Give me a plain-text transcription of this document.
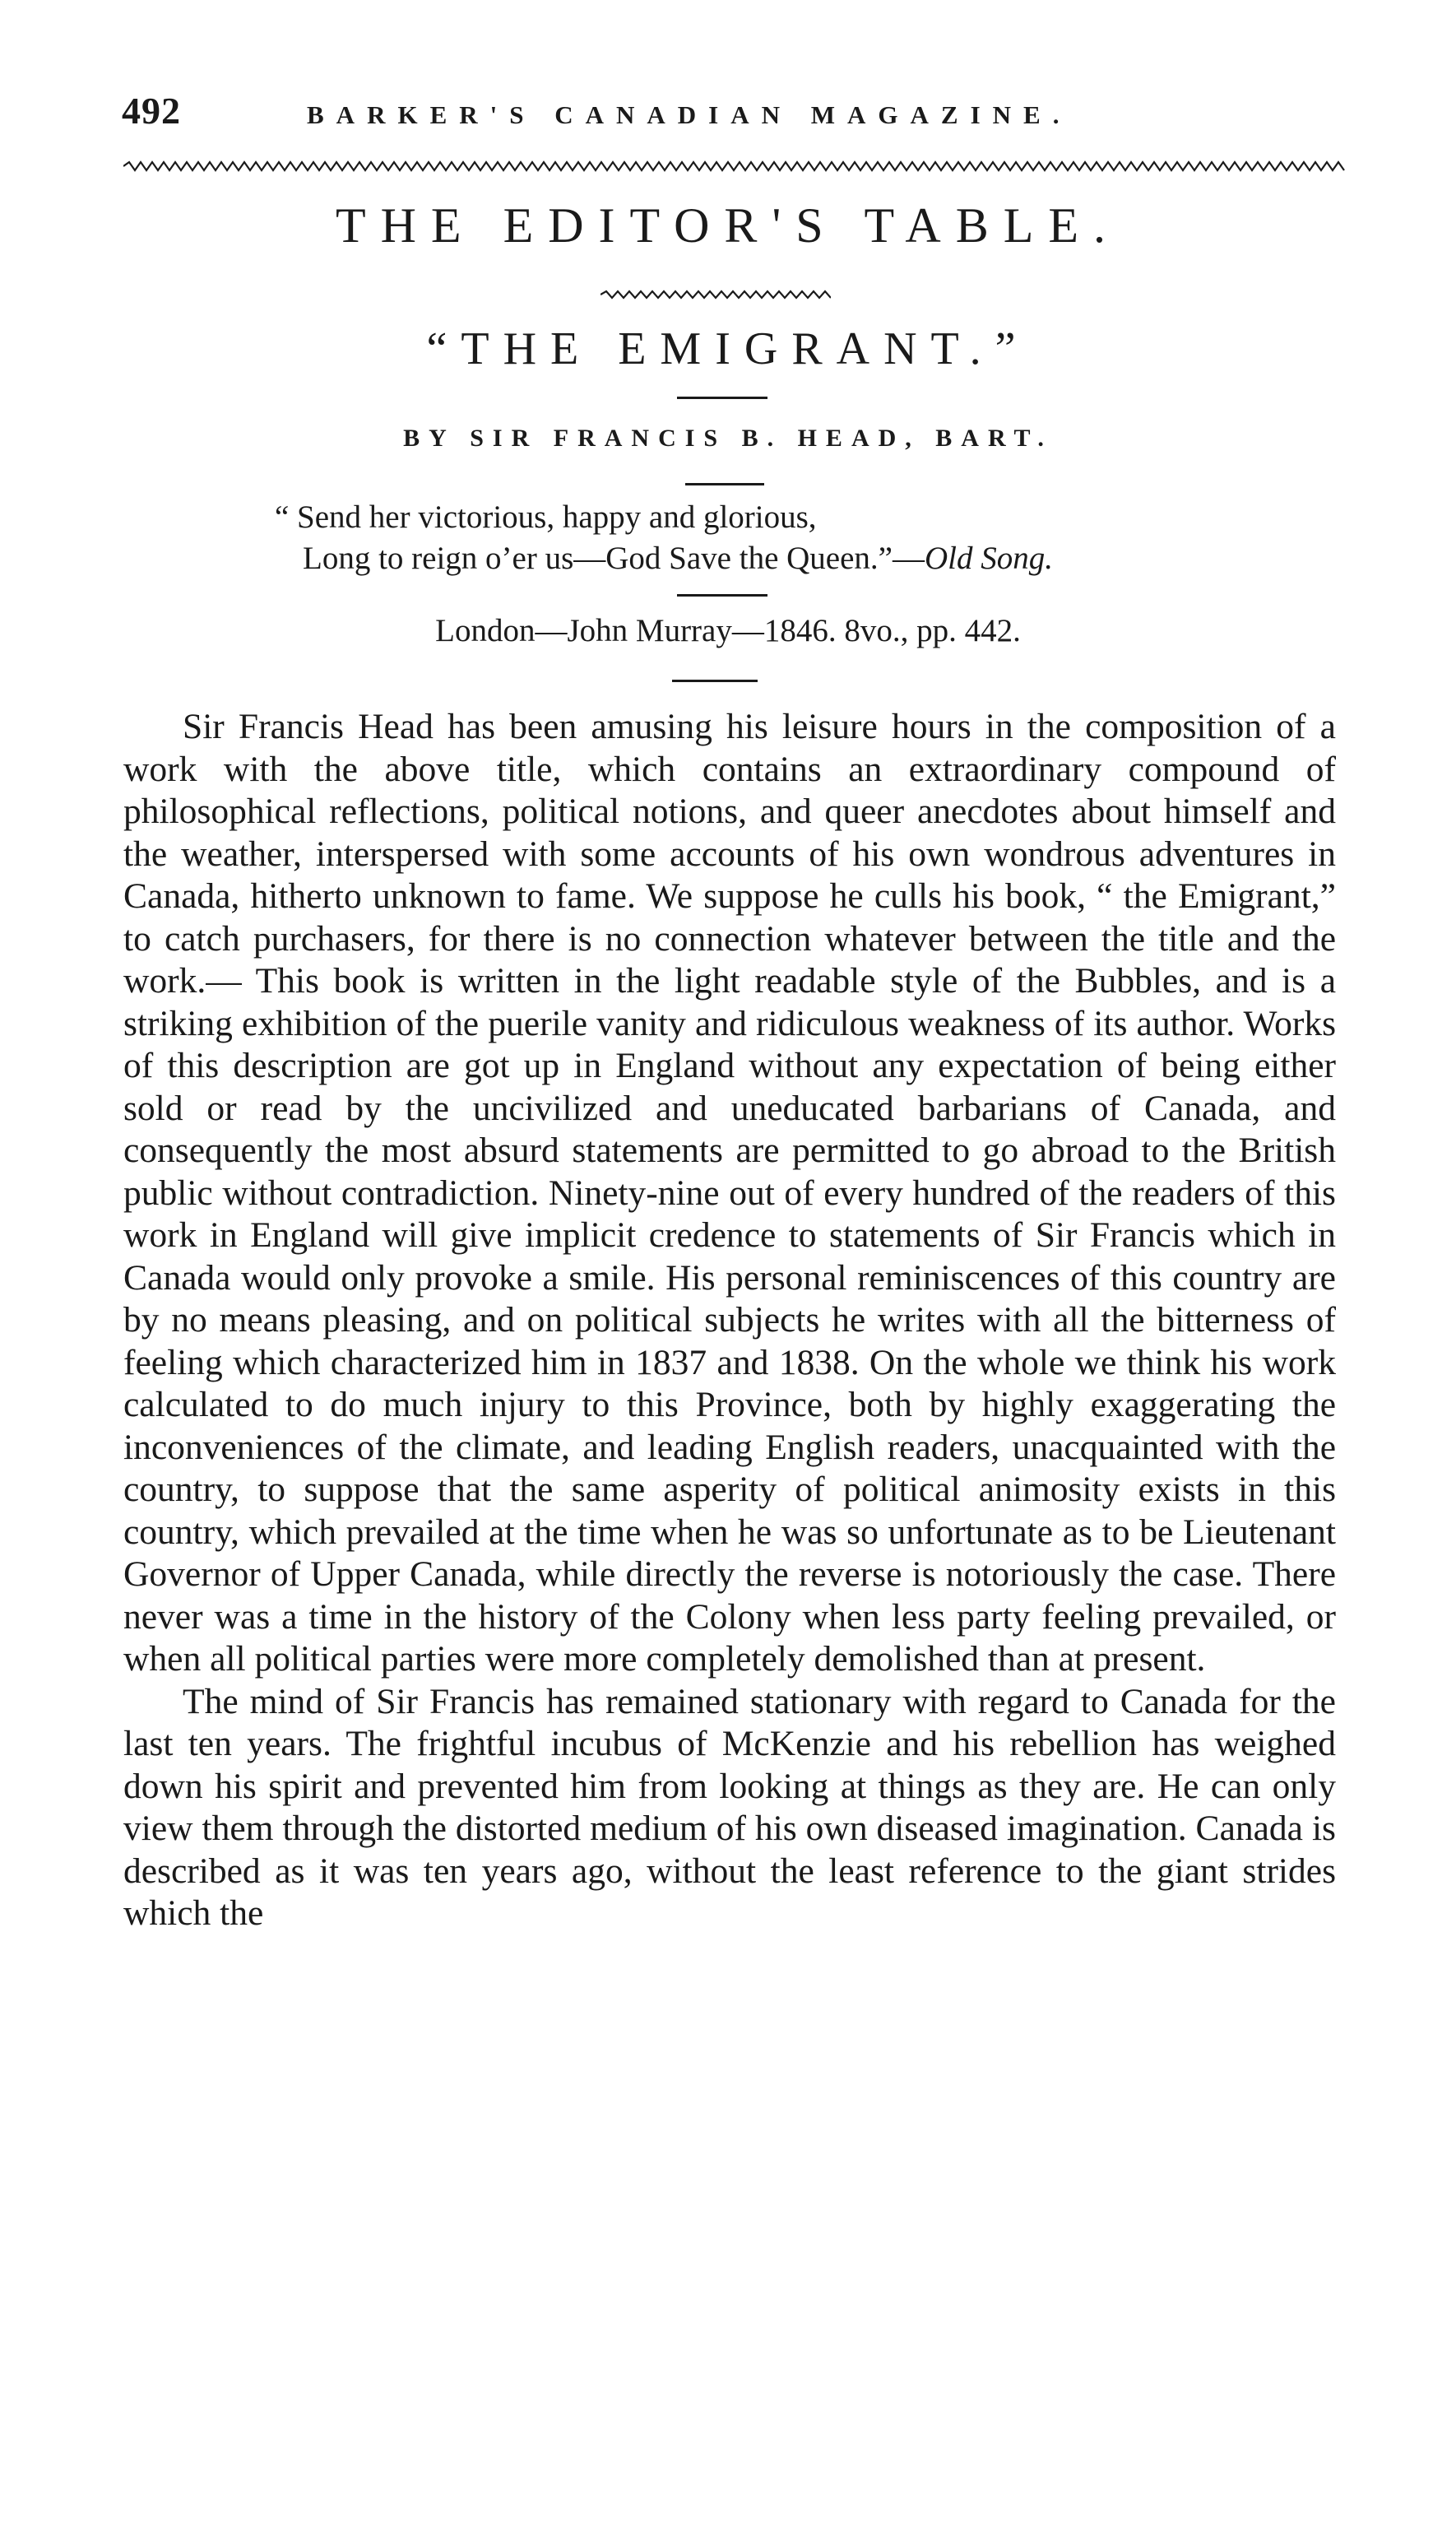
492	BARKER'S CANADIAN MAGAZINE.
THE EDITOR'S TABLE.
“THE EMIGRANT.”
BY SIR FRANCIS B. HEAD, BART.
“ Send her victorious, happy and glorious,
Long to reign o’er us—God Save the Queen.”—Old Song.
London—John Murray—1846. 8vo., pp. 442.

Sir Francis Head has been amusing his leisure hours in the composition of a work with the above title, which contains an extraordinary compound of philosophical reflections, political notions, and queer anecdotes about himself and the weather, interspersed with some accounts of his own wondrous adventures in Canada, hitherto unknown to fame. We suppose he culls his book, “ the Emigrant,” to catch purchasers, for there is no connection whatever between the title and the work.— This book is written in the light readable style of the Bubbles, and is a striking exhibition of the puerile vanity and ridiculous weakness of its author. Works of this description are got up in England without any expectation of being either sold or read by the uncivilized and uneducated barbarians of Canada, and consequently the most absurd statements are permitted to go abroad to the British public without contradiction. Ninety-nine out of every hundred of the readers of this work in England will give implicit credence to statements of Sir Francis which in Canada would only provoke a smile. His personal reminiscences of this country are by no means pleasing, and on political subjects he writes with all the bitterness of feeling which characterized him in 1837 and 1838. On the whole we think his work calculated to do much injury to this Province, both by highly exaggerating the inconveniences of the climate, and leading English readers, unacquainted with the country, to suppose that the same asperity of political animosity exists in this country, which prevailed at the time when he was so unfortunate as to be Lieutenant Governor of Upper Canada, while directly the reverse is notoriously the case. There never was a time in the history of the Colony when less party feeling prevailed, or when all political parties were more completely demolished than at present.

The mind of Sir Francis has remained stationary with regard to Canada for the last ten years. The frightful incubus of McKenzie and his rebellion has weighed down his spirit and prevented him from looking at things as they are. He can only view them through the distorted medium of his own diseased imagination. Canada is described as it was ten years ago, without the least reference to the giant strides which the
